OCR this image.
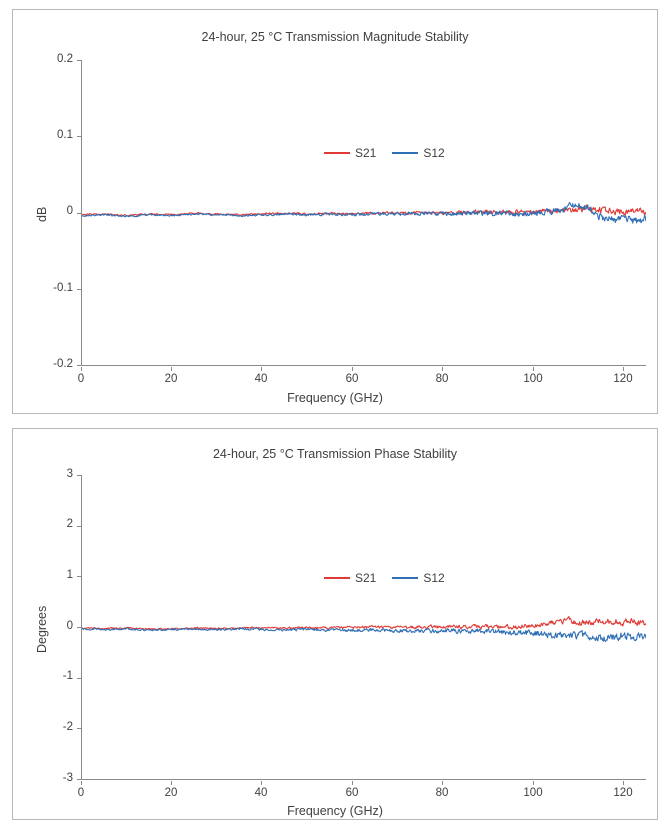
24-hour, 25 °C Transmission Magnitude Stability
dB
0.2
0.1
0
-0.1
-0.2
0	20	40	60	80	100	120
Frequency (GHz)
S21	S12
24-hour, 25 °C Transmission Phase Stability
Degrees
3
2
1
0
-1
-2
-3
0	20	40	60	80	100	120
Frequency (GHz)
S21	S12
